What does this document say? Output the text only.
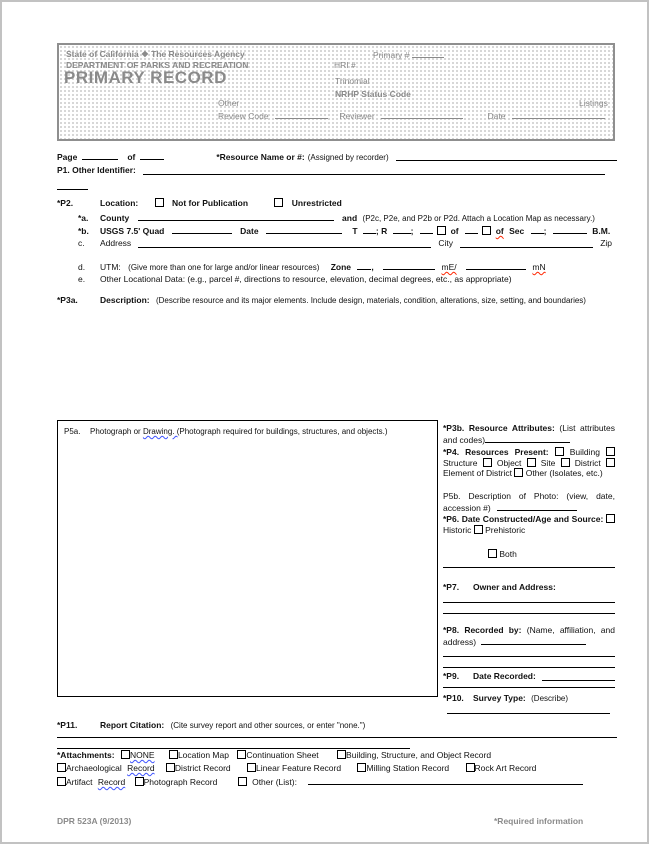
State of California ❖ The Resources Agency
DEPARTMENT OF PARKS AND RECREATION
PRIMARY RECORD
Primary #
HRI #
Trinomial
NRHP Status Code
Other
Review Code	Reviewer	Date
Listings
Page	of	*Resource Name or #: (Assigned by recorder)
P1. Other Identifier:
*P2.	Location:	Not for Publication	Unrestricted
*a. County	and (P2c, P2e, and P2b or P2d. Attach a Location Map as necessary.)
*b. USGS 7.5' Quad	Date	T ; R	;	of	of Sec ;	B.M.
c.	Address	City	Zip
d. UTM: (Give more than one for large and/or linear resources) Zone ,	mE/	mN
e. Other Locational Data: (e.g., parcel #, directions to resource, elevation, decimal degrees, etc., as appropriate)
*P3a.	Description: (Describe resource and its major elements. Include design, materials, condition, alterations, size, setting, and boundaries)
P5a. Photograph or Drawing. (Photograph required for buildings, structures, and objects.)	*P3b. Resource Attributes: (List attributes and codes)
*P4. Resources Present: Building  Structure Object Site District  Element of District Other (Isolates, etc.)
P5b. Description of Photo: (view, date, accession #)
*P6. Date Constructed/Age and Source:  Historic Prehistoric
Both
*P7. Owner and Address:
*P8. Recorded by: (Name, affiliation, and address)
*P9.	Date Recorded:
*P10. Survey Type: (Describe)
*P11.	Report Citation: (Cite survey report and other sources, or enter "none.")
*Attachments: NONE	Location Map Continuation Sheet	Building, Structure, and Object Record
Archaeological Record District Record	Linear Feature Record	Milling Station Record	Rock Art Record
Artifact Record Photograph Record	Other (List):
DPR 523A (9/2013)	*Required information
